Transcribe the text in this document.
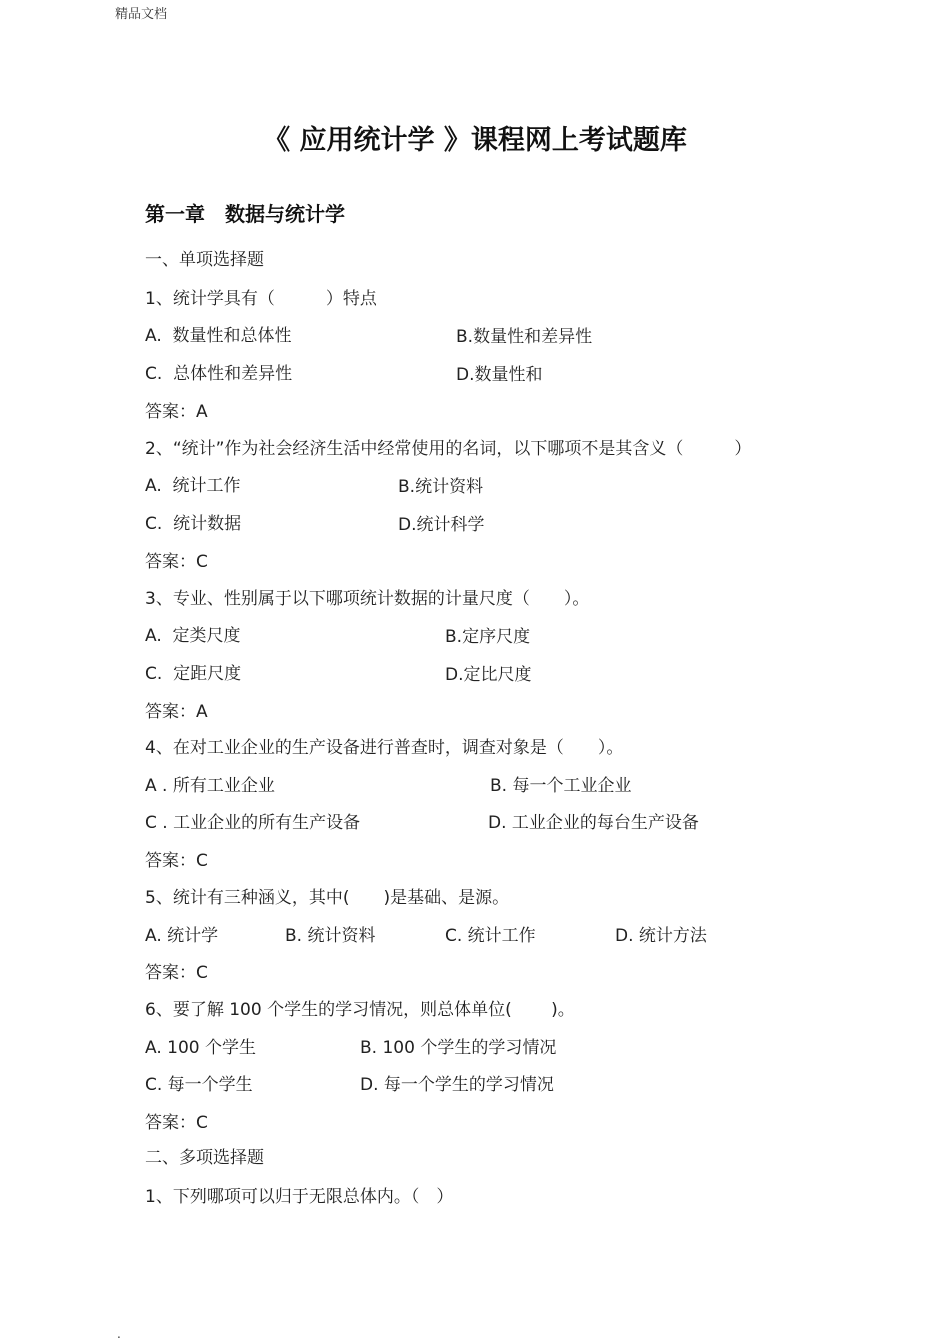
精品文档
《 应用统计学 》课程网上考试题库
第一章　数据与统计学
一、单项选择题
1、统计学具有（　　　）特点
A.  数量性和总体性	B.数量性和差异性
C.  总体性和差异性	D.数量性和
答案：A
2、“统计”作为社会经济生活中经常使用的名词，以下哪项不是其含义（　　　）
A.  统计工作	B.统计资料
C.  统计数据	D.统计科学
答案：C
3、专业、性别属于以下哪项统计数据的计量尺度（　　）。
A.  定类尺度	B.定序尺度
C.  定距尺度	D.定比尺度
答案：A
4、在对工业企业的生产设备进行普查时，调查对象是（　　）。
A . 所有工业企业	B. 每一个工业企业
C . 工业企业的所有生产设备	D. 工业企业的每台生产设备
答案：C
5、统计有三种涵义，其中(　　)是基础、是源。
A. 统计学	B. 统计资料	C. 统计工作	D. 统计方法
答案：C
6、要了解 100 个学生的学习情况，则总体单位(　　 )。
A. 100 个学生	B. 100 个学生的学习情况
C. 每一个学生	D. 每一个学生的学习情况
答案：C
二、多项选择题
1、下列哪项可以归于无限总体内。（　）
.
